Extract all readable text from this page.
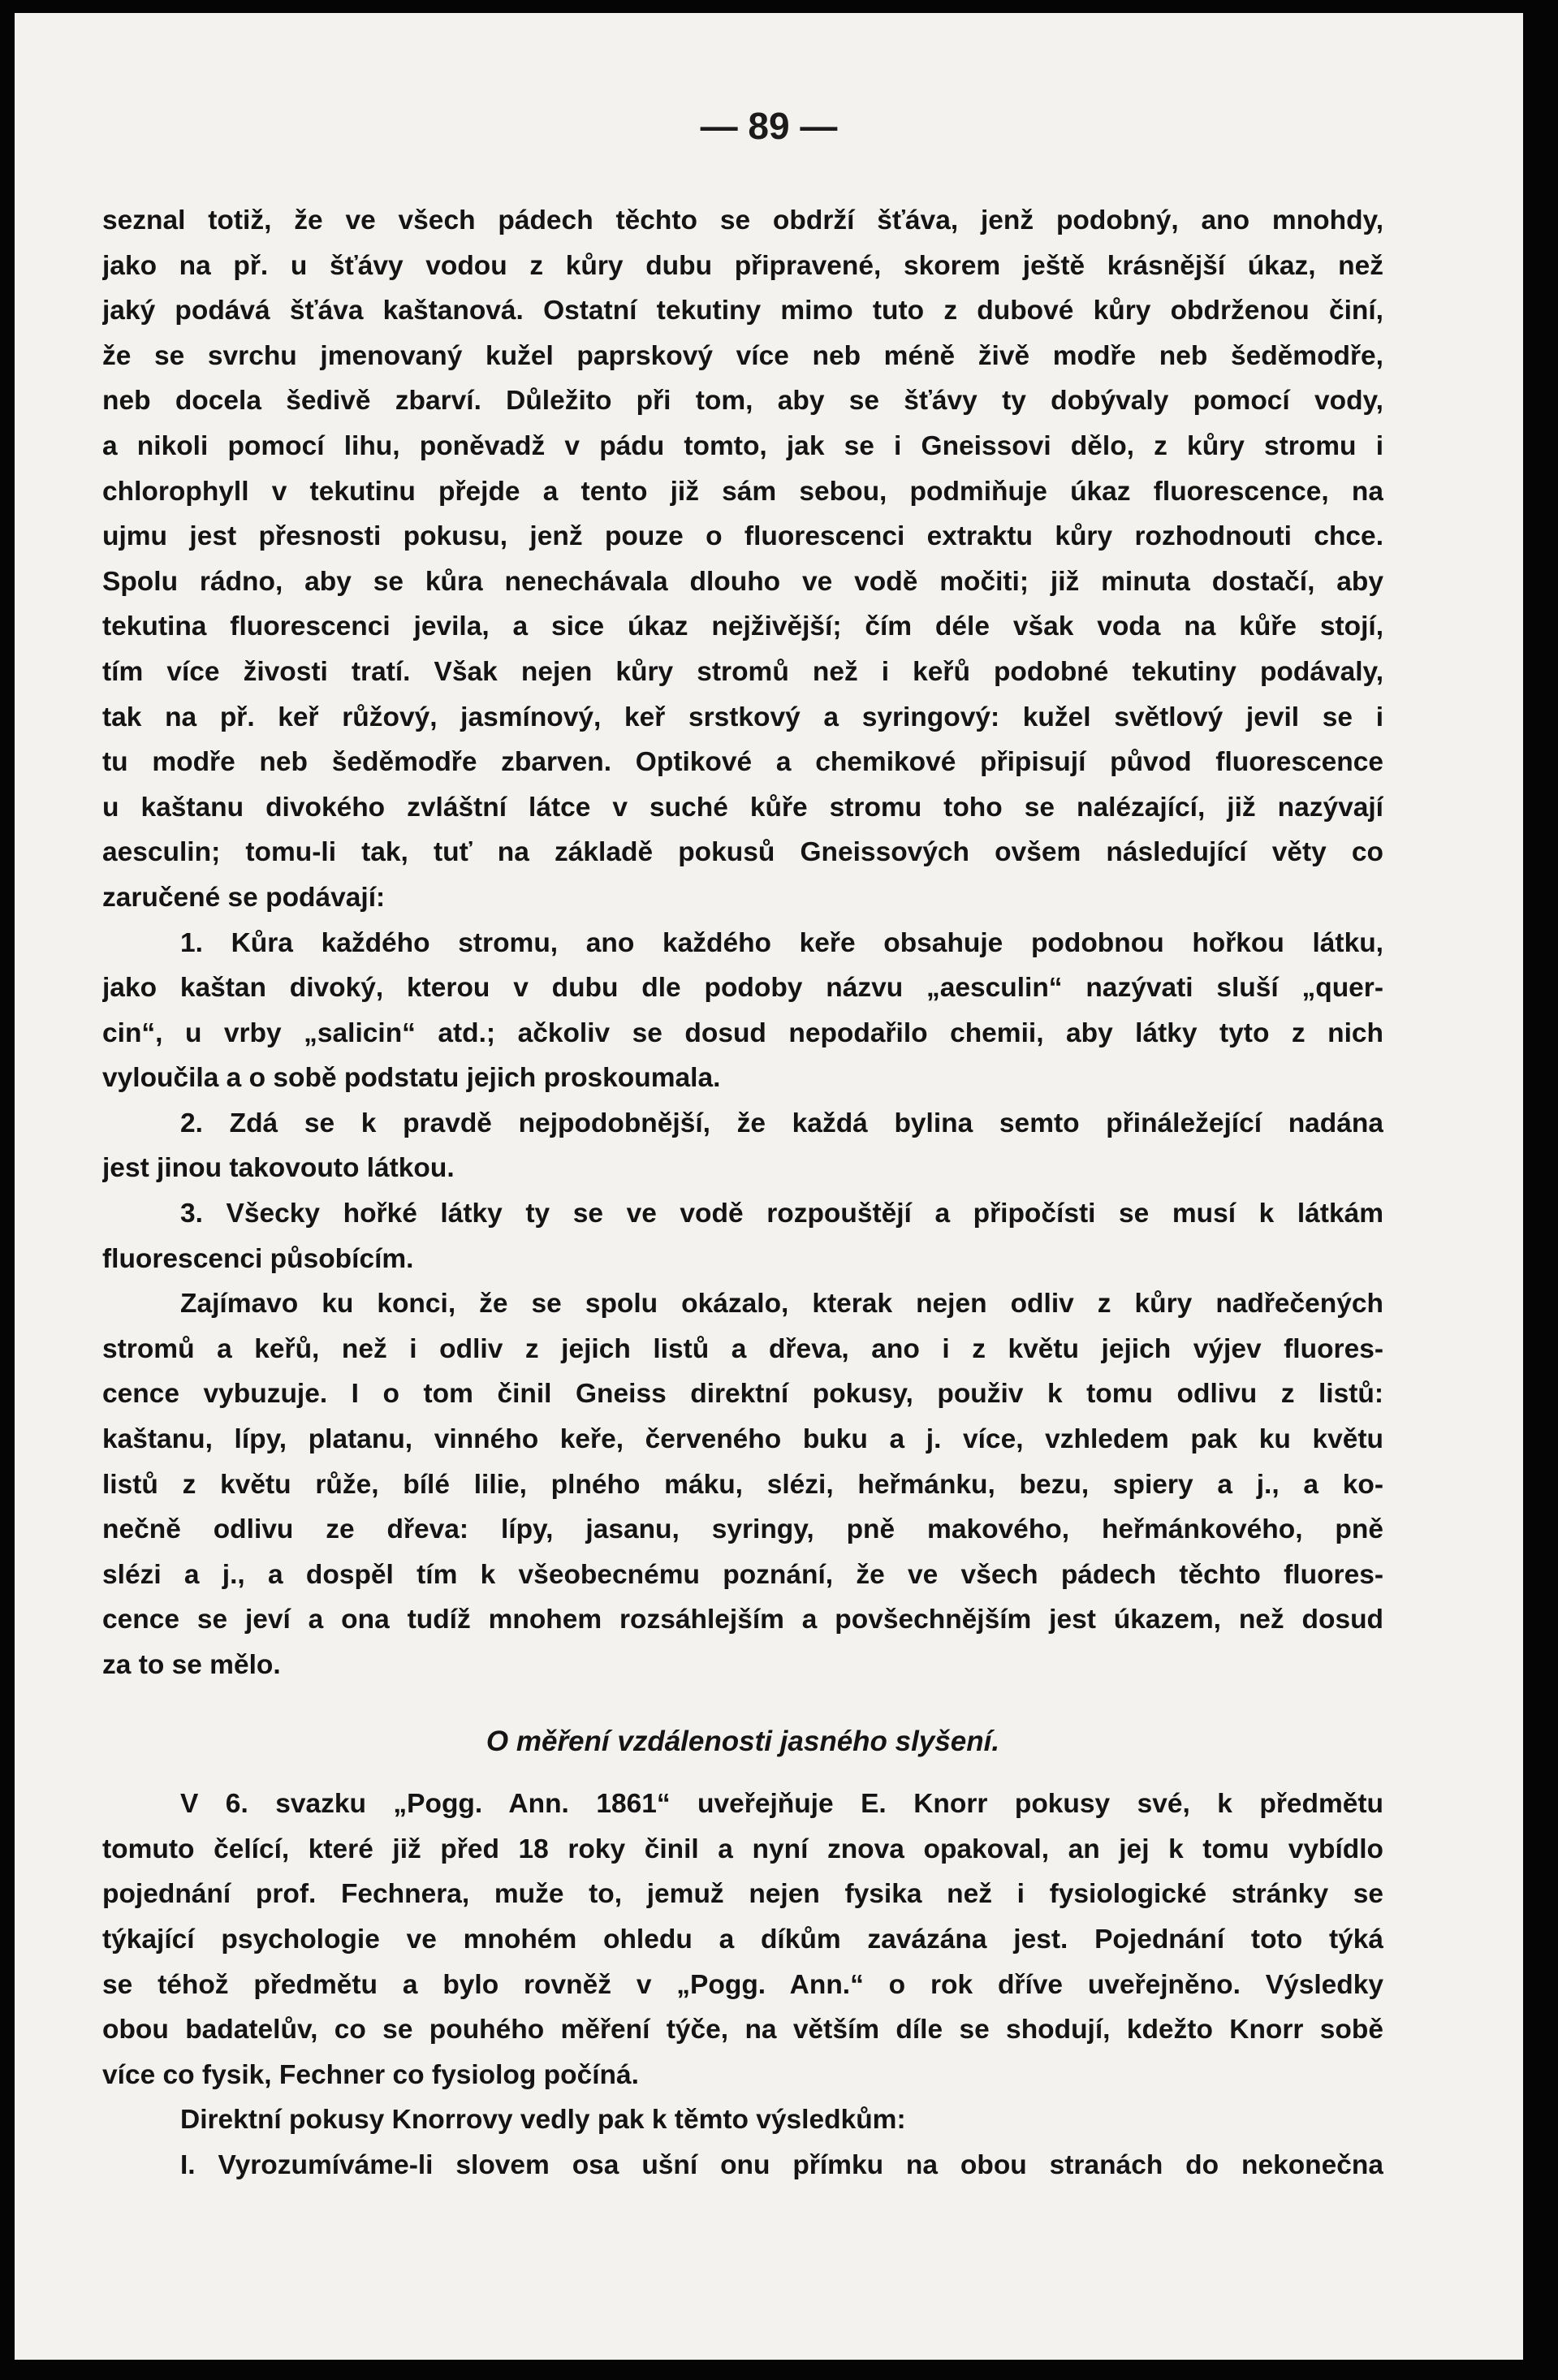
— 89 —
seznal totiž, že ve všech pádech těchto se obdrží šťáva, jenž podobný, ano mnohdy,
jako na př. u šťávy vodou z kůry dubu připravené, skorem ještě krásnější úkaz, než
jaký podává šťáva kaštanová. Ostatní tekutiny mimo tuto z dubové kůry obdrženou činí,
že se svrchu jmenovaný kužel paprskový více neb méně živě modře neb šeděmodře,
neb docela šedivě zbarví. Důležito při tom, aby se šťávy ty dobývaly pomocí vody,
a nikoli pomocí lihu, poněvadž v pádu tomto, jak se i Gneissovi dělo, z kůry stromu i
chlorophyll v tekutinu přejde a tento již sám sebou, podmiňuje úkaz fluorescence, na
ujmu jest přesnosti pokusu, jenž pouze o fluorescenci extraktu kůry rozhodnouti chce.
Spolu rádno, aby se kůra nenechávala dlouho ve vodě močiti; již minuta dostačí, aby
tekutina fluorescenci jevila, a sice úkaz nejživější; čím déle však voda na kůře stojí,
tím více živosti tratí. Však nejen kůry stromů než i keřů podobné tekutiny podávaly,
tak na př. keř růžový, jasmínový, keř srstkový a syringový: kužel světlový jevil se i
tu modře neb šeděmodře zbarven. Optikové a chemikové připisují původ fluorescence
u kaštanu divokého zvláštní látce v suché kůře stromu toho se nalézající, již nazývají
aesculin; tomu-li tak, tuť na základě pokusů Gneissových ovšem následující věty co
zaručené se podávají:
1. Kůra každého stromu, ano každého keře obsahuje podobnou hořkou látku,
jako kaštan divoký, kterou v dubu dle podoby názvu „aesculin“ nazývati sluší „quer-
cin“, u vrby „salicin“ atd.; ačkoliv se dosud nepodařilo chemii, aby látky tyto z nich
vyloučila a o sobě podstatu jejich proskoumala.
2. Zdá se k pravdě nejpodobnější, že každá bylina semto přináležející nadána
jest jinou takovouto látkou.
3. Všecky hořké látky ty se ve vodě rozpouštějí a připočísti se musí k látkám
fluorescenci působícím.
Zajímavo ku konci, že se spolu okázalo, kterak nejen odliv z kůry nadřečených
stromů a keřů, než i odliv z jejich listů a dřeva, ano i z květu jejich výjev fluores-
cence vybuzuje. I o tom činil Gneiss direktní pokusy, použiv k tomu odlivu z listů:
kaštanu, lípy, platanu, vinného keře, červeného buku a j. více, vzhledem pak ku květu
listů z květu růže, bílé lilie, plného máku, slézi, heřmánku, bezu, spiery a j., a ko-
nečně odlivu ze dřeva: lípy, jasanu, syringy, pně makového, heřmánkového, pně
slézi a j., a dospěl tím k všeobecnému poznání, že ve všech pádech těchto fluores-
cence se jeví a ona tudíž mnohem rozsáhlejším a povšechnějším jest úkazem, než dosud
za to se mělo.
O měření vzdálenosti jasného slyšení.
V 6. svazku „Pogg. Ann. 1861“ uveřejňuje E. Knorr pokusy své, k předmětu
tomuto čelící, které již před 18 roky činil a nyní znova opakoval, an jej k tomu vybídlo
pojednání prof. Fechnera, muže to, jemuž nejen fysika než i fysiologické stránky se
týkající psychologie ve mnohém ohledu a díkům zavázána jest. Pojednání toto týká
se téhož předmětu a bylo rovněž v „Pogg. Ann.“ o rok dříve uveřejněno. Výsledky
obou badatelův, co se pouhého měření týče, na větším díle se shodují, kdežto Knorr sobě
více co fysik, Fechner co fysiolog počíná.
Direktní pokusy Knorrovy vedly pak k těmto výsledkům:
I. Vyrozumíváme-li slovem osa ušní onu přímku na obou stranách do nekonečna
